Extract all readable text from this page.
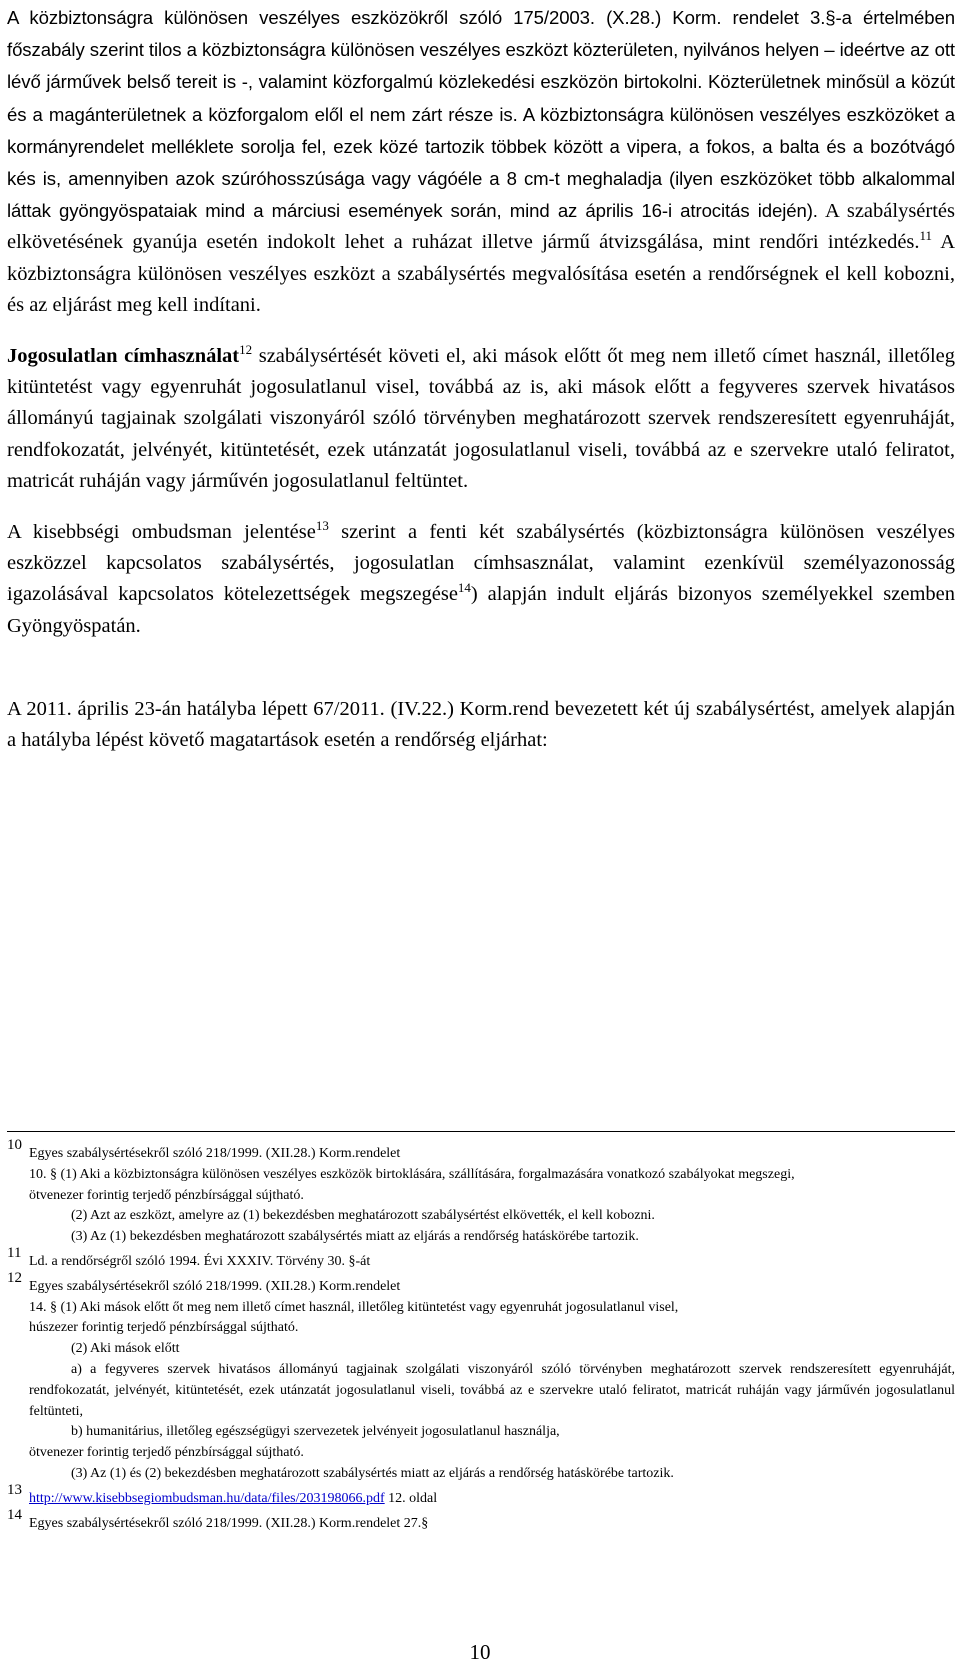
A közbiztonságra különösen veszélyes eszközökről szóló 175/2003. (X.28.) Korm. rendelet 3.§-a értelmében főszabály szerint tilos a közbiztonságra különösen veszélyes eszközt közterületen, nyilvános helyen – ideértve az ott lévő járművek belső tereit is -, valamint közforgalmú közlekedési eszközön birtokolni. Közterületnek minősül a közút és a magánterületnek a közforgalom elől el nem zárt része is. A közbiztonságra különösen veszélyes eszközöket a kormányrendelet melléklete sorolja fel, ezek közé tartozik többek között a vipera, a fokos, a balta és a bozótvágó kés is, amennyiben azok szúróhosszúsága vagy vágóéle a 8 cm-t meghaladja (ilyen eszközöket több alkalommal láttak gyöngyöspataiak mind a márciusi események során, mind az április 16-i atrocitás idején). A szabálysértés elkövetésének gyanúja esetén indokolt lehet a ruházat illetve jármű átvizsgálása, mint rendőri intézkedés.$^{11}$ A közbiztonságra különösen veszélyes eszközt a szabálysértés megvalósítása esetén a rendőrségnek el kell kobozni, és az eljárást meg kell indítani.

Jogosulatlan címhasználat$^{12}$ szabálysértését követi el, aki mások előtt őt meg nem illető címet használ, illetőleg kitüntetést vagy egyenruhát jogosulatlanul visel, továbbá az is, aki mások előtt a fegyveres szervek hivatásos állományú tagjainak szolgálati viszonyáról szóló törvényben meghatározott szervek rendszeresített egyenruháját, rendfokozatát, jelvényét, kitüntetését, ezek utánzatát jogosulatlanul viseli, továbbá az e szervekre utaló feliratot, matricát ruháján vagy járművén jogosulatlanul feltüntet.

A kisebbségi ombudsman jelentése$^{13}$ szerint a fenti két szabálysértés (közbiztonságra különösen veszélyes eszközzel kapcsolatos szabálysértés, jogosulatlan címhsasználat, valamint ezenkívül személyazonosság igazolásával kapcsolatos kötelezettségek megszegése$^{14}$) alapján indult eljárás bizonyos személyekkel szemben Gyöngyöspatán.

A 2011. április 23-án hatályba lépett 67/2011. (IV.22.) Korm.rend bevezetett két új szabálysértést, amelyek alapján a hatályba lépést követő magatartások esetén a rendőrség eljárhat:

10
Egyes szabálysértésekről szóló 218/1999. (XII.28.) Korm.rendelet
10. § (1) Aki a közbiztonságra különösen veszélyes eszközök birtoklására, szállítására, forgalmazására vonatkozó szabályokat megszegi,
ötvenezer forintig terjedő pénzbírsággal sújtható.
(2) Azt az eszközt, amelyre az (1) bekezdésben meghatározott szabálysértést elkövették, el kell kobozni.
(3) Az (1) bekezdésben meghatározott szabálysértés miatt az eljárás a rendőrség hatáskörébe tartozik.
11
Ld. a rendőrségről szóló 1994. Évi XXXIV. Törvény 30. §-át
12
Egyes szabálysértésekről szóló 218/1999. (XII.28.) Korm.rendelet
14. § (1) Aki mások előtt őt meg nem illető címet használ, illetőleg kitüntetést vagy egyenruhát jogosulatlanul visel,
húszezer forintig terjedő pénzbírsággal sújtható.
(2) Aki mások előtt
a) a fegyveres szervek hivatásos állományú tagjainak szolgálati viszonyáról szóló törvényben meghatározott szervek rendszeresített egyenruháját, rendfokozatát, jelvényét, kitüntetését, ezek utánzatát jogosulatlanul viseli, továbbá az e szervekre utaló feliratot, matricát ruháján vagy járművén jogosulatlanul feltünteti,
b) humanitárius, illetőleg egészségügyi szervezetek jelvényeit jogosulatlanul használja,
ötvenezer forintig terjedő pénzbírsággal sújtható.
(3) Az (1) és (2) bekezdésben meghatározott szabálysértés miatt az eljárás a rendőrség hatáskörébe tartozik.
13
http://www.kisebbsegiombudsman.hu/data/files/203198066.pdf 12. oldal
14
Egyes szabálysértésekről szóló 218/1999. (XII.28.) Korm.rendelet 27.§
10
